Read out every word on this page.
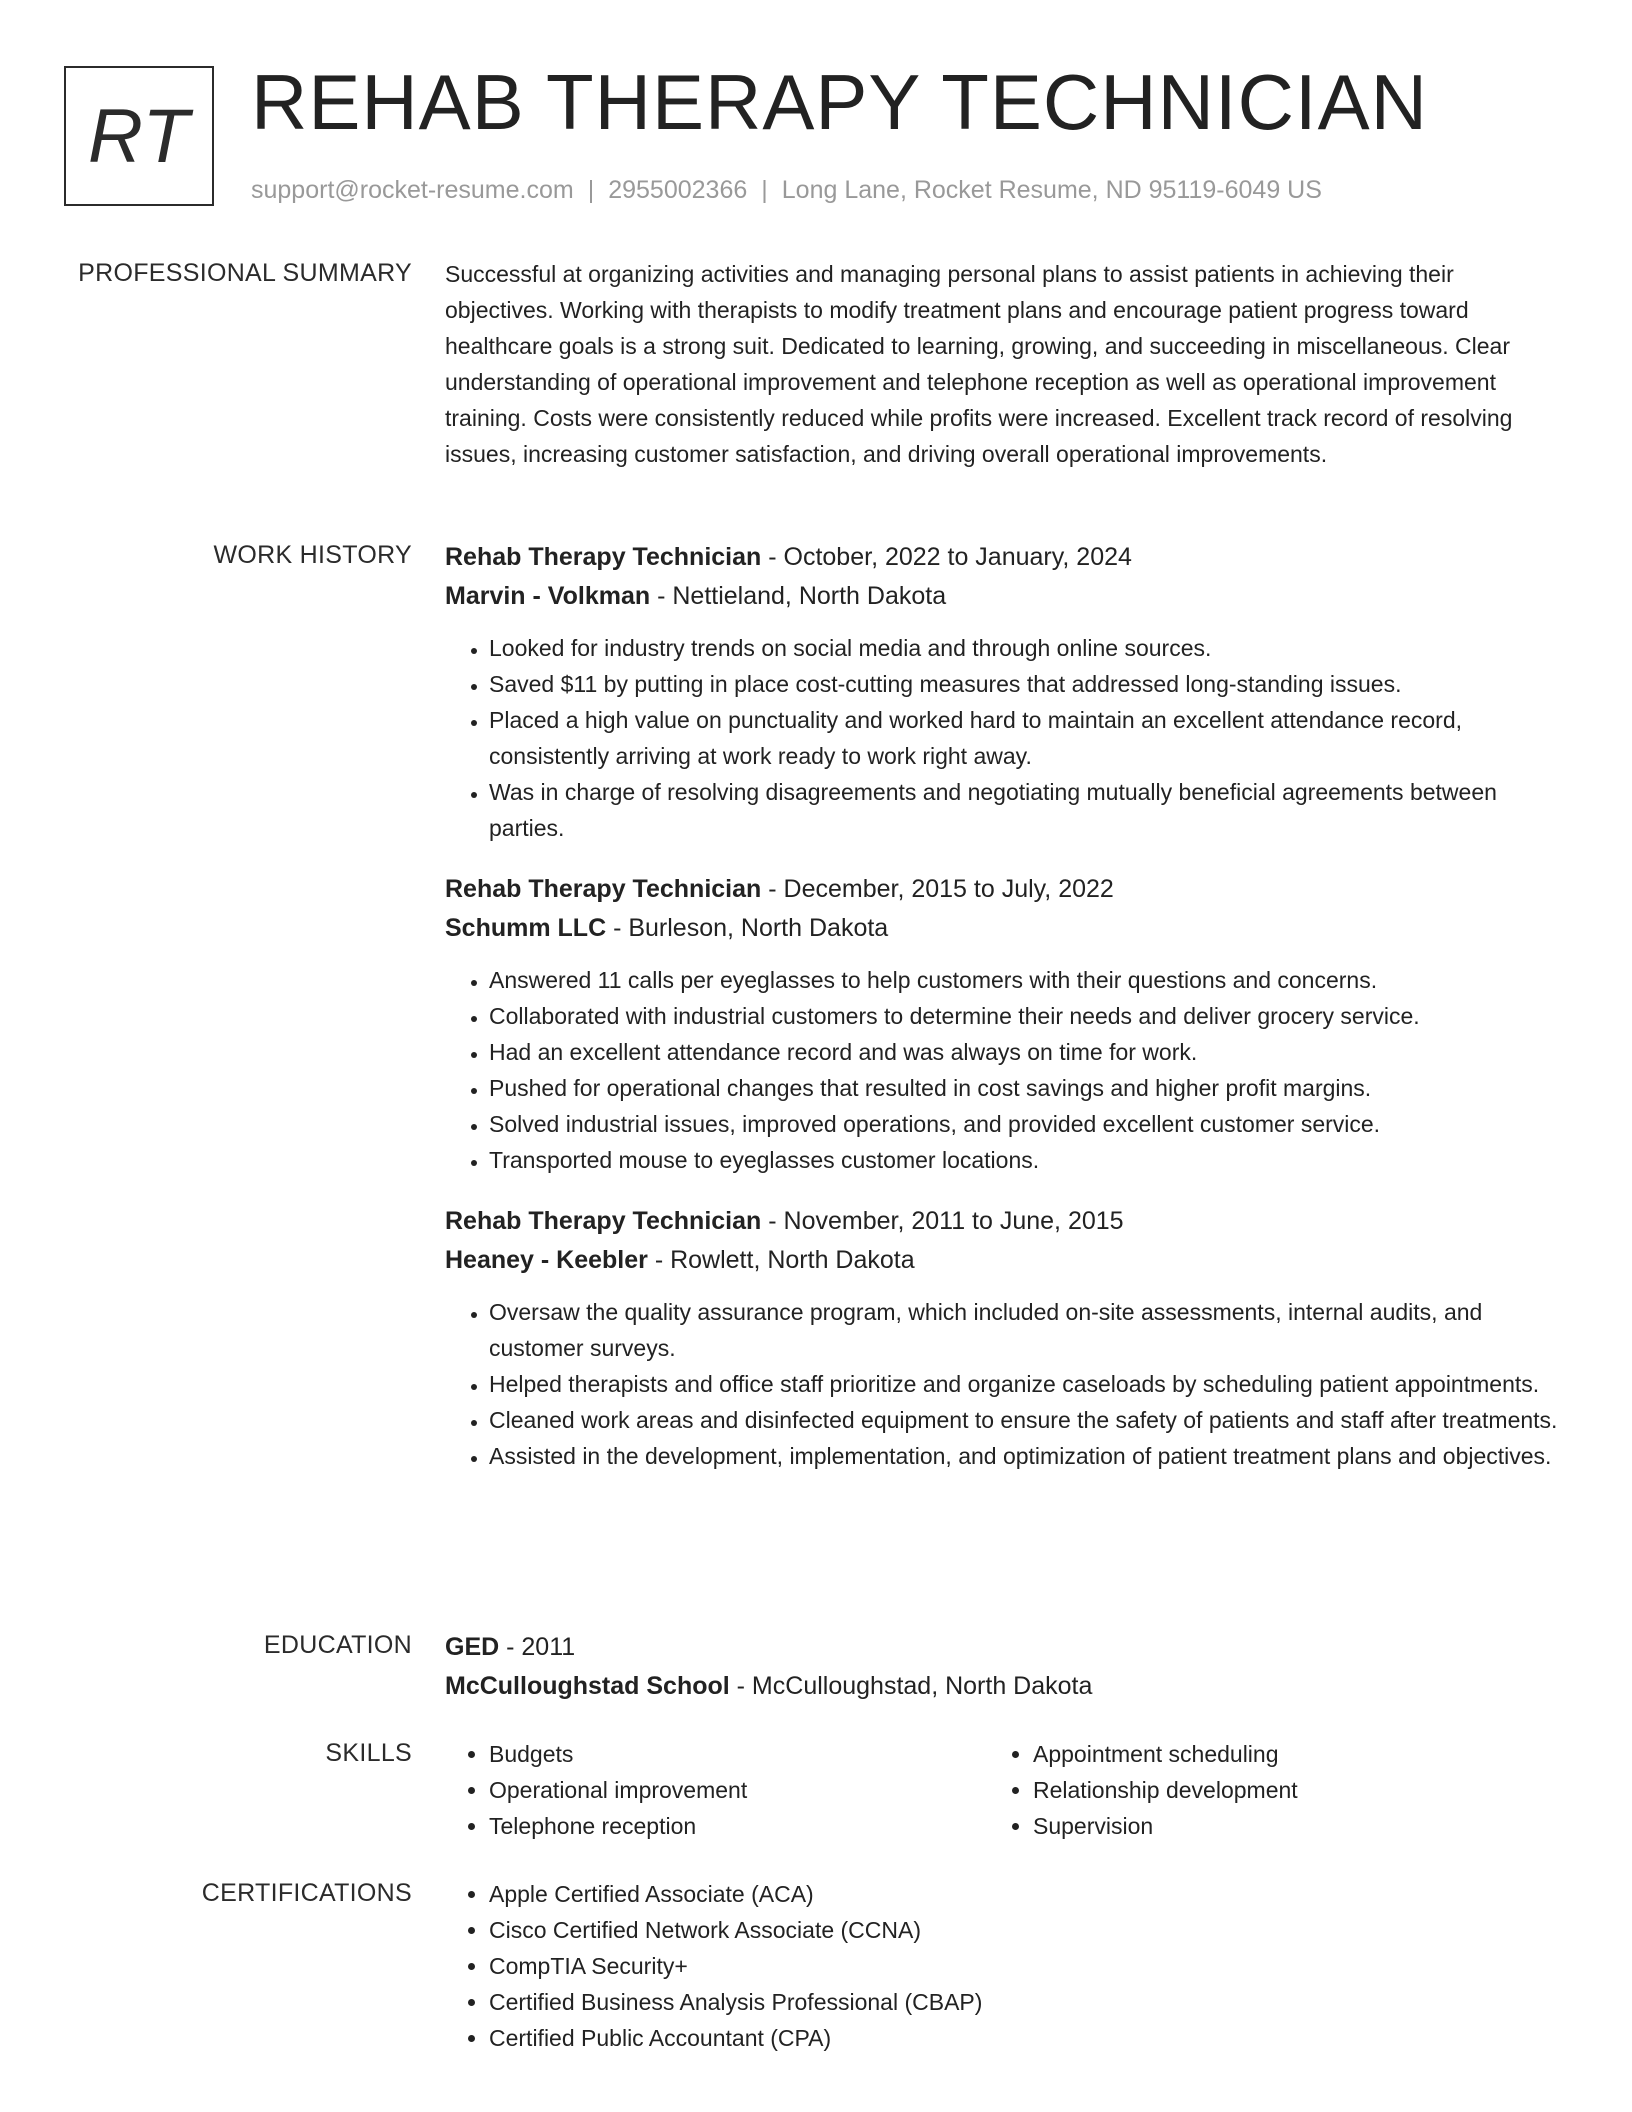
RT REHAB THERAPY TECHNICIAN
support@rocket-resume.com | 2955002366 | Long Lane, Rocket Resume, ND 95119-6049 US
PROFESSIONAL SUMMARY Successful at organizing activities and managing personal plans to assist patients in achieving their objectives. Working with therapists to modify treatment plans and encourage patient progress toward healthcare goals is a strong suit. Dedicated to learning, growing, and succeeding in miscellaneous. Clear understanding of operational improvement and telephone reception as well as operational improvement training. Costs were consistently reduced while profits were increased. Excellent track record of resolving issues, increasing customer satisfaction, and driving overall operational improvements.

WORK HISTORY Rehab Therapy Technician - October, 2022 to January, 2024
Marvin - Volkman - Nettieland, North Dakota
• Looked for industry trends on social media and through online sources.
• Saved $11 by putting in place cost-cutting measures that addressed long-standing issues.
• Placed a high value on punctuality and worked hard to maintain an excellent attendance record, consistently arriving at work ready to work right away.
• Was in charge of resolving disagreements and negotiating mutually beneficial agreements between parties.
Rehab Therapy Technician - December, 2015 to July, 2022
Schumm LLC - Burleson, North Dakota
• Answered 11 calls per eyeglasses to help customers with their questions and concerns.
• Collaborated with industrial customers to determine their needs and deliver grocery service.
• Had an excellent attendance record and was always on time for work.
• Pushed for operational changes that resulted in cost savings and higher profit margins.
• Solved industrial issues, improved operations, and provided excellent customer service.
• Transported mouse to eyeglasses customer locations.
Rehab Therapy Technician - November, 2011 to June, 2015
Heaney - Keebler - Rowlett, North Dakota
• Oversaw the quality assurance program, which included on-site assessments, internal audits, and customer surveys.
• Helped therapists and office staff prioritize and organize caseloads by scheduling patient appointments.
• Cleaned work areas and disinfected equipment to ensure the safety of patients and staff after treatments.
• Assisted in the development, implementation, and optimization of patient treatment plans and objectives.
EDUCATION GED - 2011
McCulloughstad School - McCulloughstad, North Dakota
SKILLS	• Budgets
• Operational improvement
• Telephone reception
• Appointment scheduling
• Relationship development
• Supervision
CERTIFICATIONS	• Apple Certified Associate (ACA)
• Cisco Certified Network Associate (CCNA)
• CompTIA Security+
• Certified Business Analysis Professional (CBAP)
• Certified Public Accountant (CPA)
